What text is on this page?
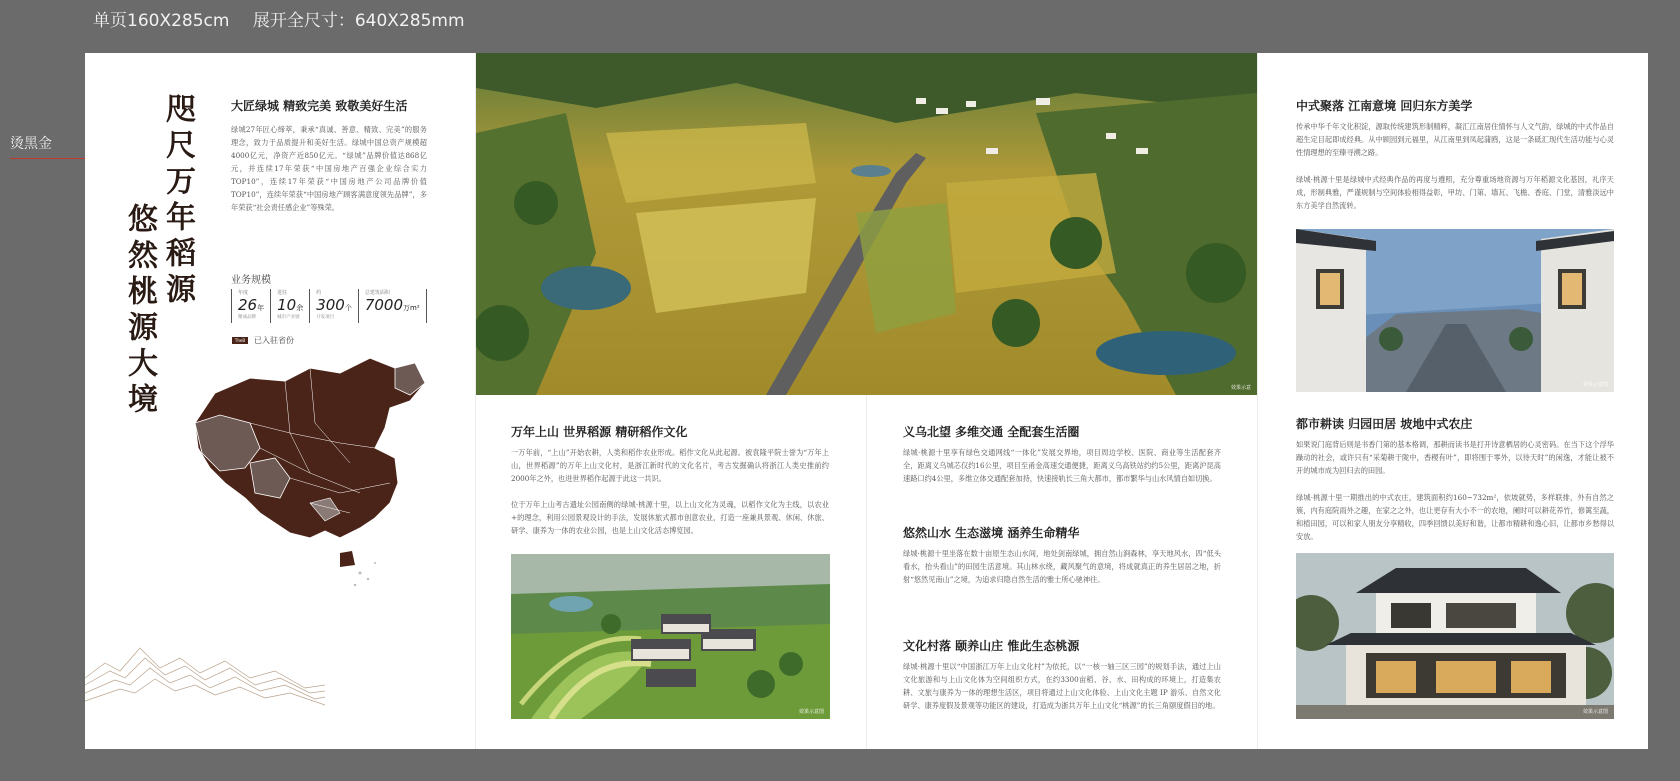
单页160X285cm 展开全尺寸：640X285mm
烫黑金	咫尺万年稻源
悠然桃源大境
大匠绿城 精致完美 致敬美好生活
绿城27年匠心缔萃，秉承“真诚、善意、精致、完美”的服务理念，致力于品质提升和美好生活。绿城中国总资产规模超4000亿元，净资产近850亿元。“绿城”品牌价值达868亿元，并连续17年荣获“中国房地产百强企业综合实力TOP10”，连续17年荣获“中国房地产公司品牌价值TOP10”，连续年荣获“中国房地产顾客满意度领先品牌”，多年荣获“社会责任感企业”等殊荣。
业务规模
年度
26年
精诚品牌
进驻
10余
城市产业链
约
300个
开发项目
总建筑面积
7000万m²
TheB	已入驻省份
效果示意
万年上山 世界稻源 精研稻作文化
一万年前，“上山”开始农耕，人类和稻作农业形成。稻作文化从此起源。被袁隆平院士誉为“万年上山，世界稻源”的万年上山文化村，是浙江新时代的文化名片，考古发掘确认将浙江人类史推前约2000年之外，也进世界稻作起源于此这一共识。
位于万年上山考古遗址公园南侧的绿城·桃源十里，以上山文化为灵魂，以稻作文化为主线，以农业+的理念，利用公园景观设计的手法，发展休旅式都市创意农业，打造一座兼具景观、休闲、休旅、研学、康养为一体的农业公园，也是上山文化活态博览园。
效果示意图
义乌北望 多维交通 全配套生活圈
绿城·桃源十里享有绿色交通网线“一体化”发展交界地，项目周边学校、医院、商业等生活配套齐全，距离义乌城芯仅约16公里，项目至甬金高速交通便捷，距离义乌高铁站约约5公里，距离沪昆高速路口约4公里，多维立体交通配套加持，快速接轨长三角大都市，都市繁华与山水风情自如切换。
悠然山水 生态滋境 涵养生命精华
绿城·桃源十里坐落在数十亩原生态山水间，地处剑南绿城，拥自然山涧森林，享天地风水，四“低头看水，抬头看山”的田园生活意境。其山林水绕，藏风聚气的意境，将成就真正的养生居居之地，折射“悠然见南山”之境，为追求归隐自然生活的雅士所心驰神往。
文化村落 颐养山庄 惟此生态桃源
绿城·桃源十里以“中国浙江万年上山文化村”为依托，以“一核一轴三区三园”的规划手法，通过上山文化旅游和与上山文化体为空间组织方式，在约3300亩稻、谷、水、田构成的环境上，打造集农耕、文旅与康养为一体的理想生活区，项目将通过上山文化体验、上山文化主题 IP 游乐、自然文化研学、康养度假及景观等功能区的建设，打造成为浙共万年上山文化“桃源”的长三角颐度假目的地。
中式聚落 江南意境 回归东方美学
传承中华千年文化积淀，源取传统建筑形制精粹，凝汇江南居住情怀与人文气韵，绿城的中式作品自超生定目起即成经典。从中顾园到元福里，从江南里到凤起蒲鸥，这是一条砥汇现代生活功能与心灵性情理想的至臻寻溯之路。
绿城·桃源十里是绿城中式经典作品的再度与遵照，充分尊重场地资源与万年稻源文化基因，礼序天成，形制典雅，严谨规制与空间体验相得益彰，甲坊、门第、墙瓦、飞檐、香庭、门堂，清雅淡远中东方美学自然流转。
效果示意图
都市耕读 归园田居 坡地中式农庄
如果说门庭背后则是书香门第的基本格调，那耕而读书是打开诗意栖居的心灵密码。在当下这个浮华躁动的社会，或许只有“采菊耕于陇中，香稷有叶”，即将围于零外，以待天时”的闲逸，才能让被不开的城市成为回归去的田园。
绿城·桃源十里一期推出的中式农庄，建筑面积约160~732m²，依坡就势，多样联排，外有自然之簇，内有庭院雨外之趣，在家之之外，也让更存有大小不一的农地，阑时可以耕花养竹，修篱至蔬，和植田园，可以和家人朋友分享精收，四季回馈以美好和谐，让都市精耕和逸心旧，让都市乡愁得以安放。
效果示意图
